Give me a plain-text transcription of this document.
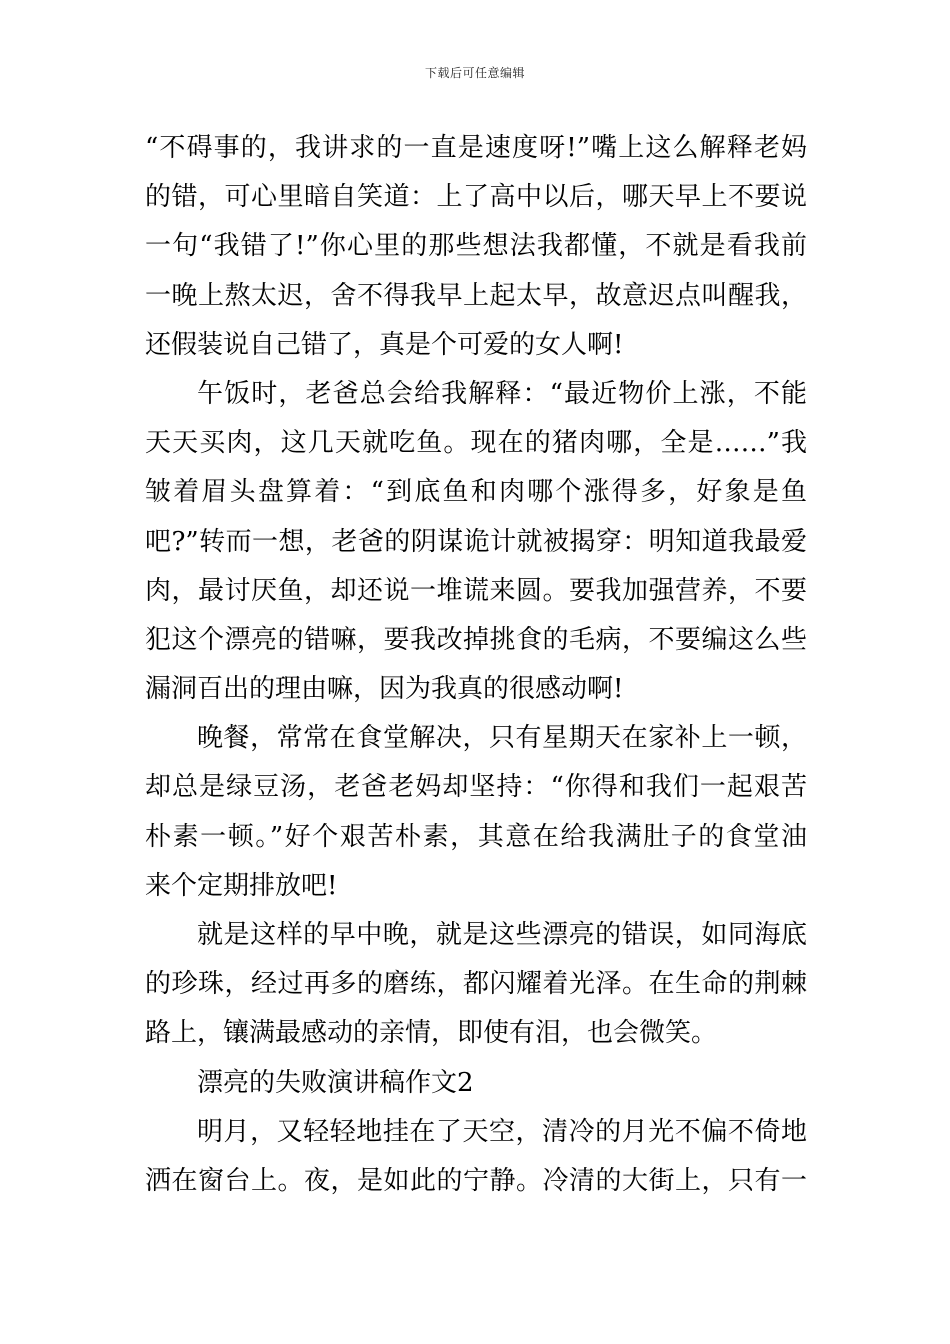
下载后可任意编辑
“不碍事的，我讲求的一直是速度呀!”嘴上这么解释老妈
的错，可心里暗自笑道：上了高中以后，哪天早上不要说
一句“我错了!”你心里的那些想法我都懂，不就是看我前
一晚上熬太迟，舍不得我早上起太早，故意迟点叫醒我，
还假装说自己错了，真是个可爱的女人啊!
午饭时，老爸总会给我解释：“最近物价上涨，不能
天天买肉，这几天就吃鱼。现在的猪肉哪，全是……”我
皱着眉头盘算着：“到底鱼和肉哪个涨得多，好象是鱼
吧?”转而一想，老爸的阴谋诡计就被揭穿：明知道我最爱
肉，最讨厌鱼，却还说一堆谎来圆。要我加强营养，不要
犯这个漂亮的错嘛，要我改掉挑食的毛病，不要编这么些
漏洞百出的理由嘛，因为我真的很感动啊!
晚餐，常常在食堂解决，只有星期天在家补上一顿，
却总是绿豆汤，老爸老妈却坚持：“你得和我们一起艰苦
朴素一顿。”好个艰苦朴素，其意在给我满肚子的食堂油
来个定期排放吧!
就是这样的早中晚，就是这些漂亮的错误，如同海底
的珍珠，经过再多的磨练，都闪耀着光泽。在生命的荆棘
路上，镶满最感动的亲情，即使有泪，也会微笑。
漂亮的失败演讲稿作文2
明月，又轻轻地挂在了天空，清冷的月光不偏不倚地
洒在窗台上。夜，是如此的宁静。冷清的大街上，只有一
